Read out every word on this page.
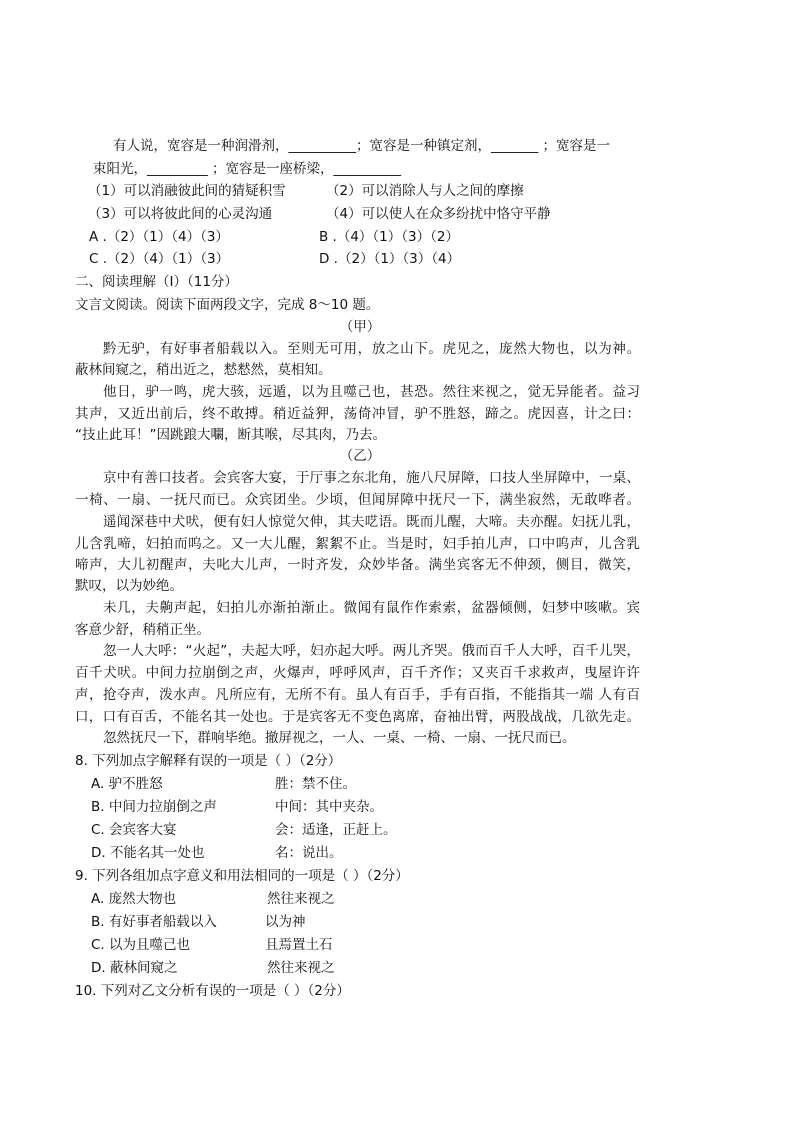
有人说，宽容是一种润滑剂，__________；宽容是一种镇定剂，_______ ；宽容是一
束阳光，_________ ；宽容是一座桥梁，__________
（1）可以消融彼此间的猜疑积雪	（2）可以消除人与人之间的摩擦
（3）可以将彼此间的心灵沟通	（4）可以使人在众多纷扰中恪守平静
A .（2）（1）（4）（3）	B .（4）（1）（3）（2）
C .（2）（4）（1）（3）	D .（2）（1）（3）（4）
二、阅读理解（Ⅰ）（11分）
文言文阅读。阅读下面两段文字，完成 8～10 题。
（甲）
黔无驴，有好事者船载以入。至则无可用，放之山下。虎见之，庞然大物也，以为神。
蔽林间窥之，稍出近之，慭慭然，莫相知。
他日，驴一鸣，虎大骇，远遁，以为且噬己也，甚恐。然往来视之，觉无异能者。益习
其声，又近出前后，终不敢搏。稍近益狎，荡倚冲冒，驴不胜怒，蹄之。虎因喜，计之曰：
“技止此耳！”因跳踉大㘚，断其喉，尽其肉，乃去。
（乙）
京中有善口技者。会宾客大宴，于厅事之东北角，施八尺屏障，口技人坐屏障中，一桌、
一椅、一扇、一抚尺而已。众宾团坐。少顷，但闻屏障中抚尺一下，满坐寂然，无敢哗者。
遥闻深巷中犬吠，便有妇人惊觉欠伸，其夫呓语。既而儿醒，大啼。夫亦醒。妇抚儿乳，
儿含乳啼，妇拍而呜之。又一大儿醒，絮絮不止。当是时，妇手拍儿声，口中呜声，儿含乳
啼声，大儿初醒声，夫叱大儿声，一时齐发，众妙毕备。满坐宾客无不伸颈，侧目，微笑，
默叹，以为妙绝。
未几，夫齁声起，妇拍儿亦渐拍渐止。微闻有鼠作作索索，盆器倾侧，妇梦中咳嗽。宾
客意少舒，稍稍正坐。
忽一人大呼：“火起”，夫起大呼，妇亦起大呼。两儿齐哭。俄而百千人大呼，百千儿哭，
百千犬吠。中间力拉崩倒之声，火爆声，呼呼风声，百千齐作；又夹百千求救声，曳屋许许
声，抢夺声，泼水声。凡所应有，无所不有。虽人有百手，手有百指，不能指其一端 人有百
口，口有百舌，不能名其一处也。于是宾客无不变色离席，奋袖出臂，两股战战，几欲先走。
忽然抚尺一下，群响毕绝。撤屏视之，一人、一桌、一椅、一扇、一抚尺而已。
8. 下列加点字解释有误的一项是（ ）（2分）
A. 驴不胜怒	胜：禁不住。
B. 中间力拉崩倒之声	中间：其中夹杂。
C. 会宾客大宴	会：适逢，正赶上。
D. 不能名其一处也	名：说出。
9. 下列各组加点字意义和用法相同的一项是（ ）（2分）
A. 庞然大物也	然往来视之
B. 有好事者船载以入	以为神
C. 以为且噬己也	且焉置土石
D. 蔽林间窥之	然往来视之
10. 下列对乙文分析有误的一项是（ ）（2分）
